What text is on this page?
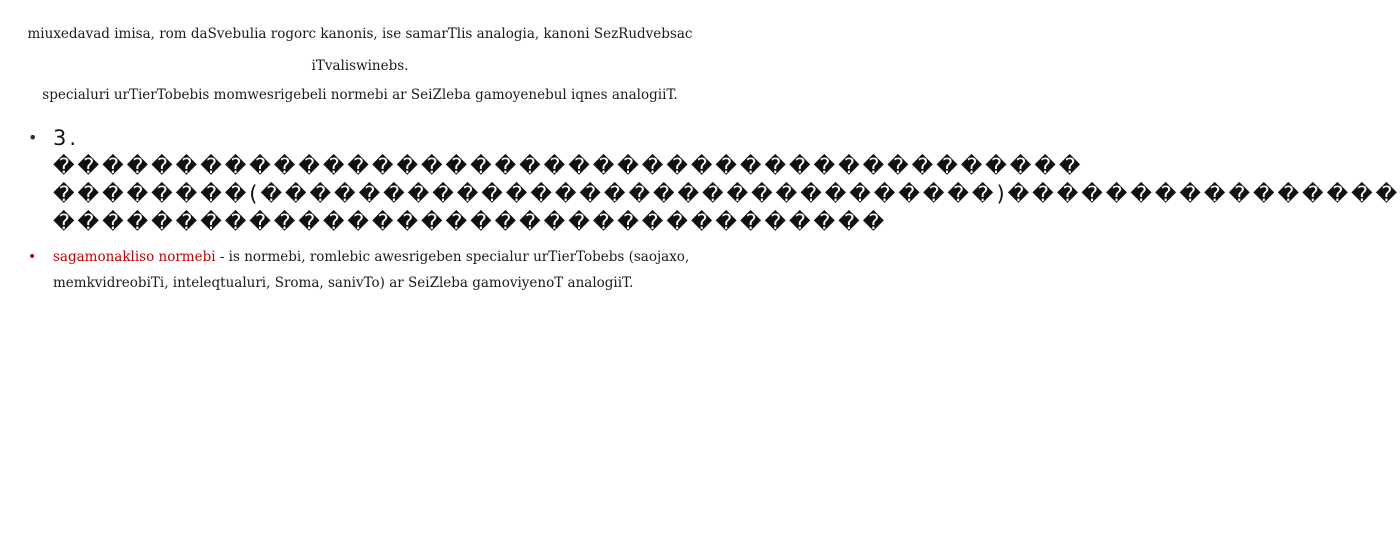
miuxedavad imisa, rom daSvebulia rogorc kanonis, ise samarTlis analogia, kanoni SezRudvebsac
iTvaliswinebs.
specialuri urTierTobebis momwesrigebeli normebi ar SeiZleba gamoyenebul iqnes analogiiT.
• 3. ������������������������������������������ ��������(������������������������������)���������������� ����������������������������������
• sagamonakliso normebi - is normebi, romlebic awesrigeben specialur urTierTobebs (saojaxo, memkvidreobiTi, inteleqtualuri, Sroma, sanivTo) ar SeiZleba gamoviyenoT analogiiT.
